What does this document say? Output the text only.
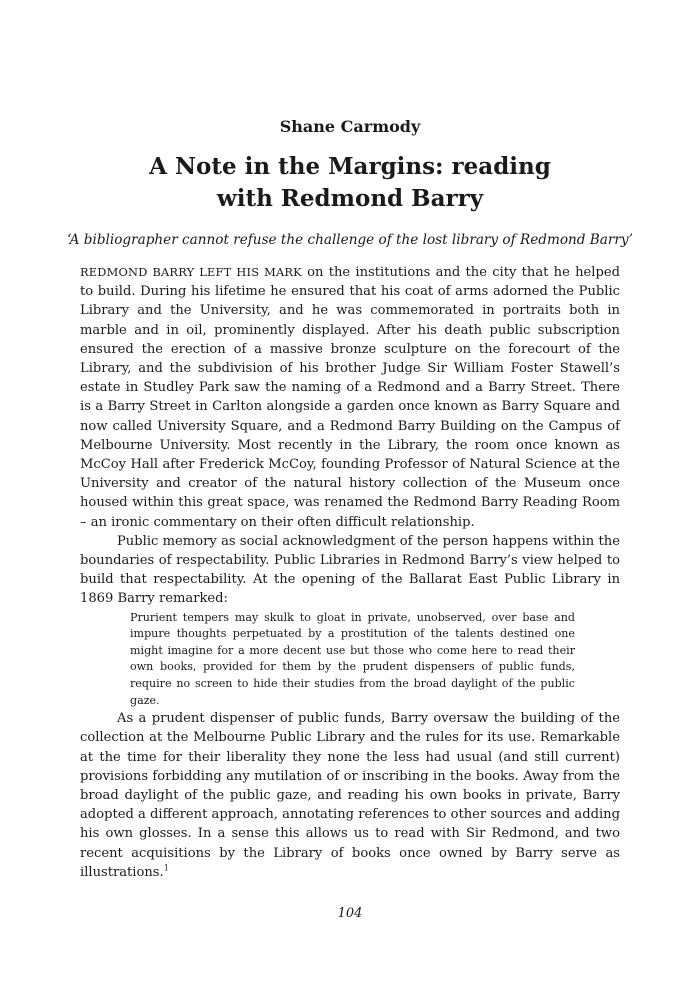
Shane Carmody
A Note in the Margins: reading
with Redmond Barry
‘A bibliographer cannot refuse the challenge of the lost library of Redmond Barry’

REDMOND BARRY LEFT HIS MARK on the institutions and the city that he helped to build. During his lifetime he ensured that his coat of arms adorned the Public Library and the University, and he was commemorated in portraits both in marble and in oil, prominently displayed. After his death public subscription ensured the erection of a massive bronze sculpture on the forecourt of the Library, and the subdivision of his brother Judge Sir William Foster Stawell’s estate in Studley Park saw the naming of a Redmond and a Barry Street. There is a Barry Street in Carlton alongside a garden once known as Barry Square and now called University Square, and a Redmond Barry Building on the Campus of Melbourne University. Most recently in the Library, the room once known as McCoy Hall after Frederick McCoy, founding Professor of Natural Science at the University and creator of the natural history collection of the Museum once housed within this great space, was renamed the Redmond Barry Reading Room – an ironic commentary on their often difficult relationship.

Public memory as social acknowledgment of the person happens within the boundaries of respectability. Public Libraries in Redmond Barry’s view helped to build that respectability. At the opening of the Ballarat East Public Library in 1869 Barry remarked:

Prurient tempers may skulk to gloat in private, unobserved, over base and impure thoughts perpetuated by a prostitution of the talents destined one might imagine for a more decent use but those who come here to read their own books, provided for them by the prudent dispensers of public funds, require no screen to hide their studies from the broad daylight of the public gaze.

As a prudent dispenser of public funds, Barry oversaw the building of the collection at the Melbourne Public Library and the rules for its use. Remarkable at the time for their liberality they none the less had usual (and still current) provisions forbidding any mutilation of or inscribing in the books. Away from the broad daylight of the public gaze, and reading his own books in private, Barry adopted a different approach, annotating references to other sources and adding his own glosses. In a sense this allows us to read with Sir Redmond, and two recent acquisitions by the Library of books once owned by Barry serve as illustrations.$^1$

104
